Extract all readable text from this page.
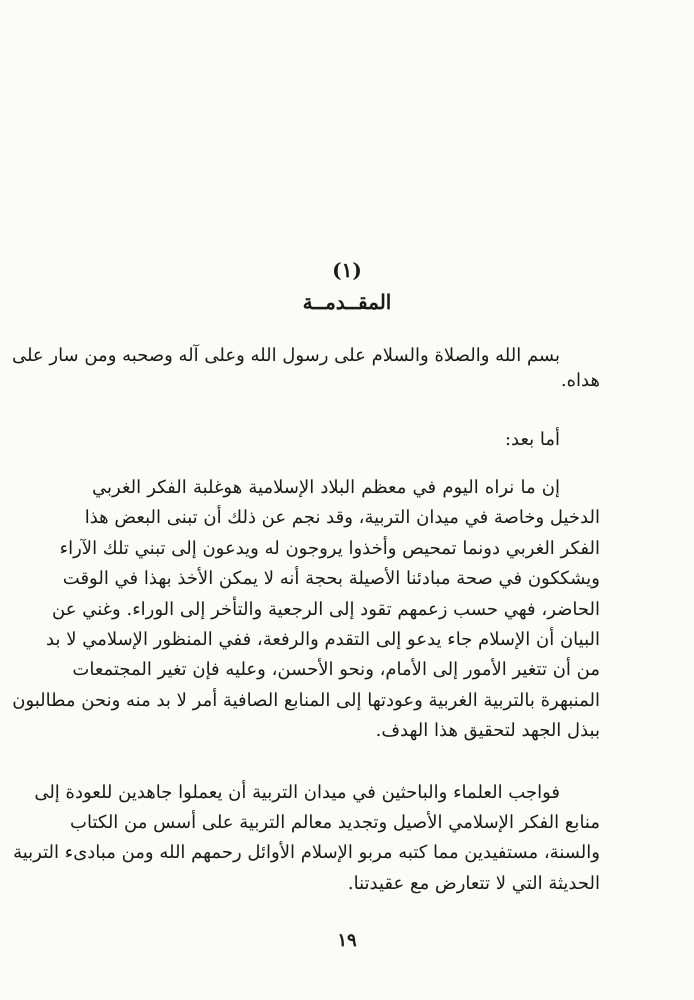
(١)
المقــدمــة
بسم الله والصلاة والسلام على رسول الله وعلى آله وصحبه ومن سار على
هداه.
أما بعد:
إن ما نراه اليوم في معظم البلاد الإسلامية هوغلبة الفكر الغربي
الدخيل وخاصة في ميدان التربية، وقد نجم عن ذلك أن تبنى البعض هذا
الفكر الغربي دونما تمحيص وأخذوا يروجون له ويدعون إلى تبني تلك الآراء
ويشككون في صحة مبادئنا الأصيلة بحجة أنه لا يمكن الأخذ بهذا في الوقت
الحاضر، فهي حسب زعمهم تقود إلى الرجعية والتأخر إلى الوراء. وغني عن
البيان أن الإسلام جاء يدعو إلى التقدم والرفعة، ففي المنظور الإسلامي لا بد
من أن تتغير الأمور إلى الأمام، ونحو الأحسن، وعليه فإن تغير المجتمعات
المنبهرة بالتربية الغربية وعودتها إلى المنابع الصافية أمر لا بد منه ونحن مطالبون
ببذل الجهد لتحقيق هذا الهدف.
فواجب العلماء والباحثين في ميدان التربية أن يعملوا جاهدين للعودة إلى
منابع الفكر الإسلامي الأصيل وتجديد معالم التربية على أسس من الكتاب
والسنة، مستفيدين مما كتبه مربو الإسلام الأوائل رحمهم الله ومن مبادىء التربية
الحديثة التي لا تتعارض مع عقيدتنا.
١٩
